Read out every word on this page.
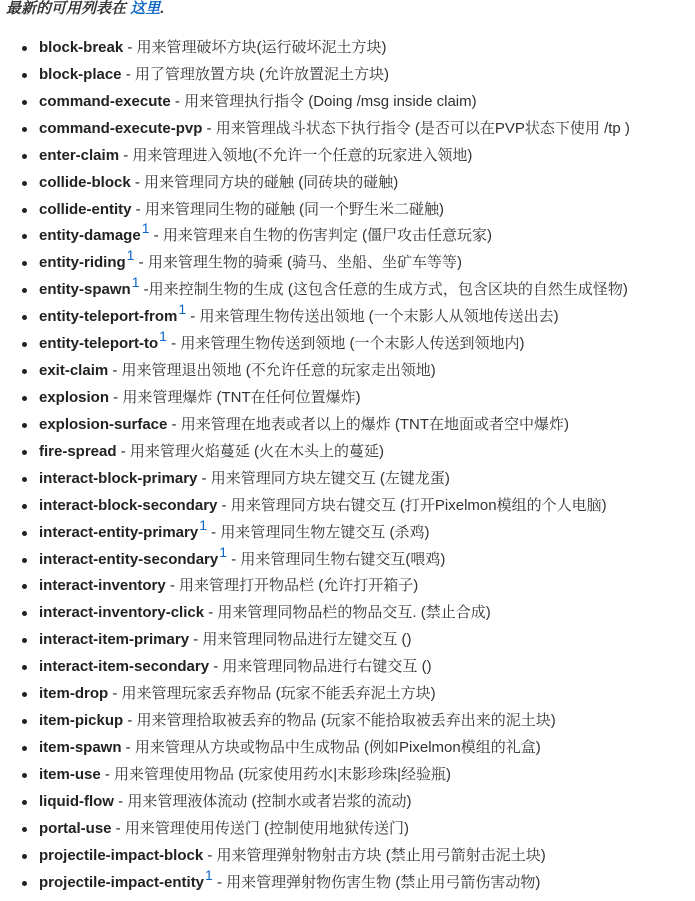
最新的可用列表在 这里.
block-break - 用来管理破坏方块(运行破坏泥土方块)
block-place - 用了管理放置方块 (允许放置泥土方块)
command-execute - 用来管理执行指令 (Doing /msg inside claim)
command-execute-pvp - 用来管理战斗状态下执行指令 (是否可以在PVP状态下使用 /tp )
enter-claim - 用来管理进入领地(不允许一个任意的玩家进入领地)
collide-block - 用来管理同方块的碰触 (同砖块的碰触)
collide-entity - 用来管理同生物的碰触 (同一个野生米二碰触)
entity-damage1 - 用来管理来自生物的伤害判定 (僵尸攻击任意玩家)
entity-riding1 - 用来管理生物的骑乘 (骑马、坐船、坐矿车等等)
entity-spawn1 -用来控制生物的生成 (这包含任意的生成方式，包含区块的自然生成怪物)
entity-teleport-from1 - 用来管理生物传送出领地 (一个末影人从领地传送出去)
entity-teleport-to1 - 用来管理生物传送到领地 (一个末影人传送到领地内)
exit-claim - 用来管理退出领地 (不允许任意的玩家走出领地)
explosion - 用来管理爆炸 (TNT在任何位置爆炸)
explosion-surface - 用来管理在地表或者以上的爆炸 (TNT在地面或者空中爆炸)
fire-spread - 用来管理火焰蔓延 (火在木头上的蔓延)
interact-block-primary - 用来管理同方块左键交互 (左键龙蛋)
interact-block-secondary - 用来管理同方块右键交互 (打开Pixelmon模组的个人电脑)
interact-entity-primary1 - 用来管理同生物左键交互 (杀鸡)
interact-entity-secondary1 - 用来管理同生物右键交互(喂鸡)
interact-inventory - 用来管理打开物品栏 (允许打开箱子)
interact-inventory-click - 用来管理同物品栏的物品交互. (禁止合成)
interact-item-primary - 用来管理同物品进行左键交互 ()
interact-item-secondary - 用来管理同物品进行右键交互 ()
item-drop - 用来管理玩家丢弃物品 (玩家不能丢弃泥土方块)
item-pickup - 用来管理拾取被丢弃的物品 (玩家不能拾取被丢弃出来的泥土块)
item-spawn - 用来管理从方块或物品中生成物品 (例如Pixelmon模组的礼盒)
item-use - 用来管理使用物品 (玩家使用药水|末影珍珠|经验瓶)
liquid-flow - 用来管理液体流动 (控制水或者岩浆的流动)
portal-use - 用来管理使用传送门 (控制使用地狱传送门)
projectile-impact-block - 用来管理弹射物射击方块 (禁止用弓箭射击泥土块)
projectile-impact-entity1 - 用来管理弹射物伤害生物 (禁止用弓箭伤害动物)
